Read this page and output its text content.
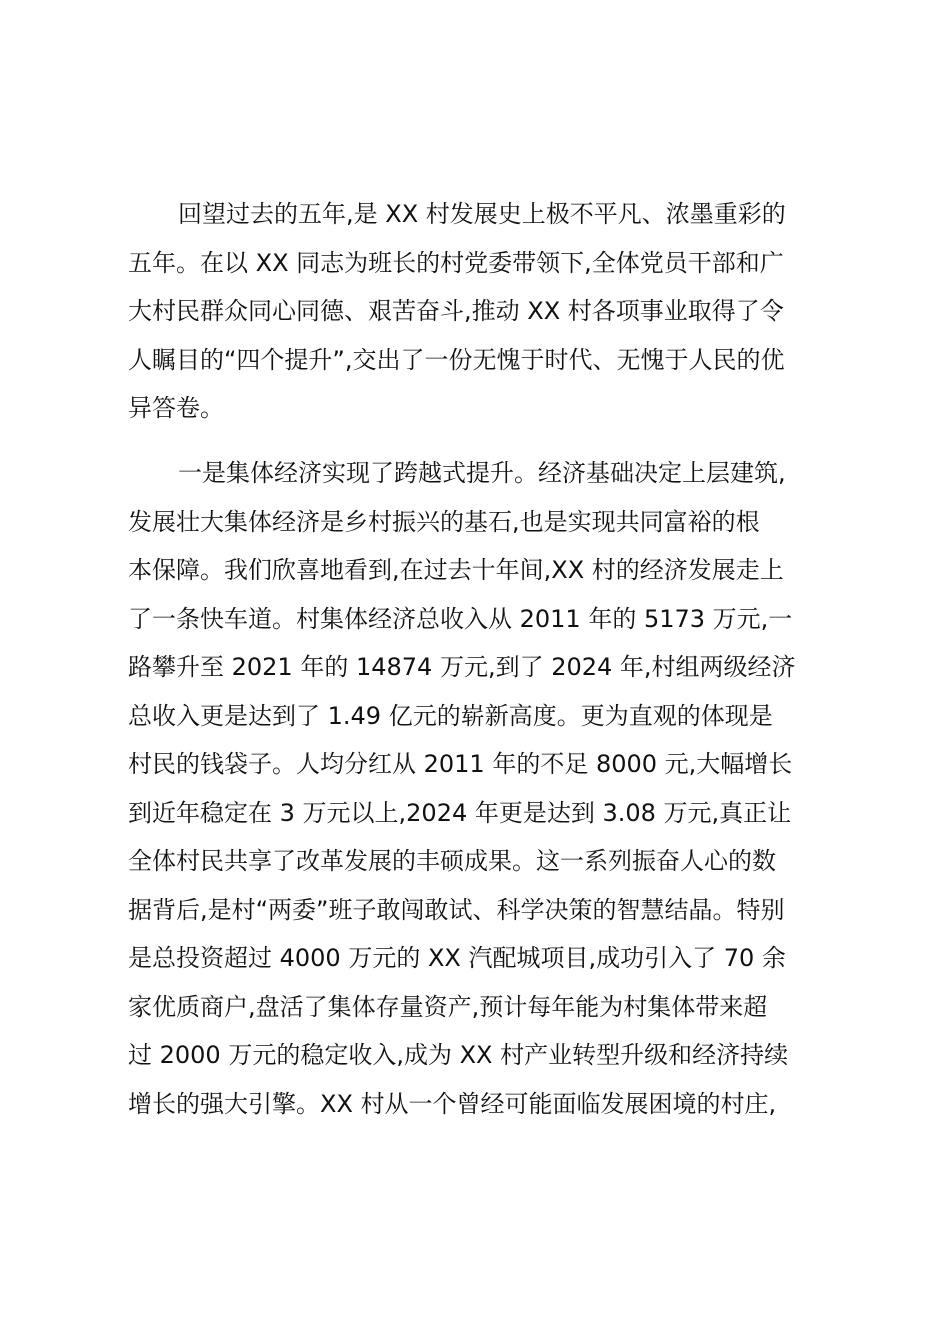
回望过去的五年,是 XX 村发展史上极不平凡、浓墨重彩的
五年。在以 XX 同志为班长的村党委带领下,全体党员干部和广
大村民群众同心同德、艰苦奋斗,推动 XX 村各项事业取得了令
人瞩目的“四个提升”,交出了一份无愧于时代、无愧于人民的优
异答卷。
一是集体经济实现了跨越式提升。经济基础决定上层建筑,
发展壮大集体经济是乡村振兴的基石,也是实现共同富裕的根
本保障。我们欣喜地看到,在过去十年间,XX 村的经济发展走上
了一条快车道。村集体经济总收入从 2011 年的 5173 万元,一
路攀升至 2021 年的 14874 万元,到了 2024 年,村组两级经济
总收入更是达到了 1.49 亿元的崭新高度。更为直观的体现是
村民的钱袋子。人均分红从 2011 年的不足 8000 元,大幅增长
到近年稳定在 3 万元以上,2024 年更是达到 3.08 万元,真正让
全体村民共享了改革发展的丰硕成果。这一系列振奋人心的数
据背后,是村“两委”班子敢闯敢试、科学决策的智慧结晶。特别
是总投资超过 4000 万元的 XX 汽配城项目,成功引入了 70 余
家优质商户,盘活了集体存量资产,预计每年能为村集体带来超
过 2000 万元的稳定收入,成为 XX 村产业转型升级和经济持续
增长的强大引擎。XX 村从一个曾经可能面临发展困境的村庄,
